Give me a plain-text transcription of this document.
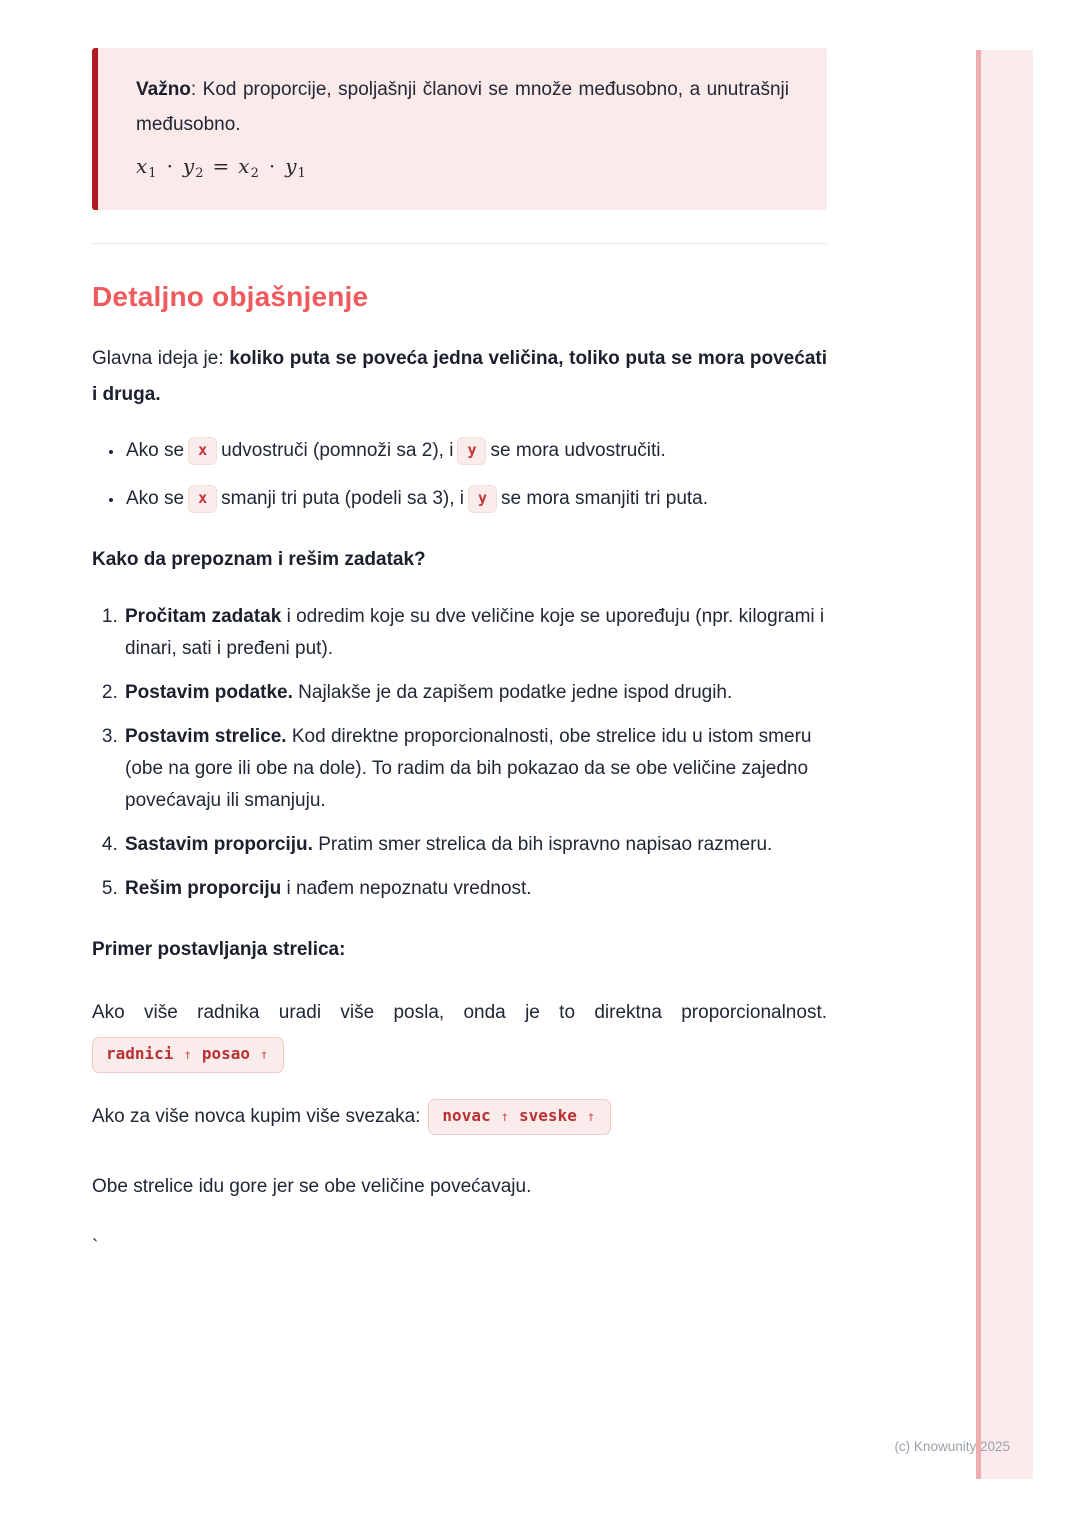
Važno: Kod proporcije, spoljašnji članovi se množe međusobno, a unutrašnji međusobno.

$x_1 \cdot y_2 = x_2 \cdot y_1$

Detaljno objašnjenje

Glavna ideja je: koliko puta se poveća jedna veličina, toliko puta se mora povećati i druga.

• Ako se x udvostruči (pomnoži sa 2), i y se mora udvostručiti.
• Ako se x smanji tri puta (podeli sa 3), i y se mora smanjiti tri puta.

Kako da prepoznam i rešim zadatak?

1. Pročitam zadatak i odredim koje su dve veličine koje se upoređuju (npr. kilogrami i dinari, sati i pređeni put).
2. Postavim podatke. Najlakše je da zapišem podatke jedne ispod drugih.
3. Postavim strelice. Kod direktne proporcionalnosti, obe strelice idu u istom smeru (obe na gore ili obe na dole). To radim da bih pokazao da se obe veličine zajedno povećavaju ili smanjuju.
4. Sastavim proporciju. Pratim smer strelica da bih ispravno napisao razmeru.
5. Rešim proporciju i nađem nepoznatu vrednost.

Primer postavljanja strelica:

Ako više radnika uradi više posla, onda je to direktna proporcionalnost. radnici ↑ posao ↑

Ako za više novca kupim više svezaka: novac ↑ sveske ↑

Obe strelice idu gore jer se obe veličine povećavaju.

`

(c) Knowunity 2025
